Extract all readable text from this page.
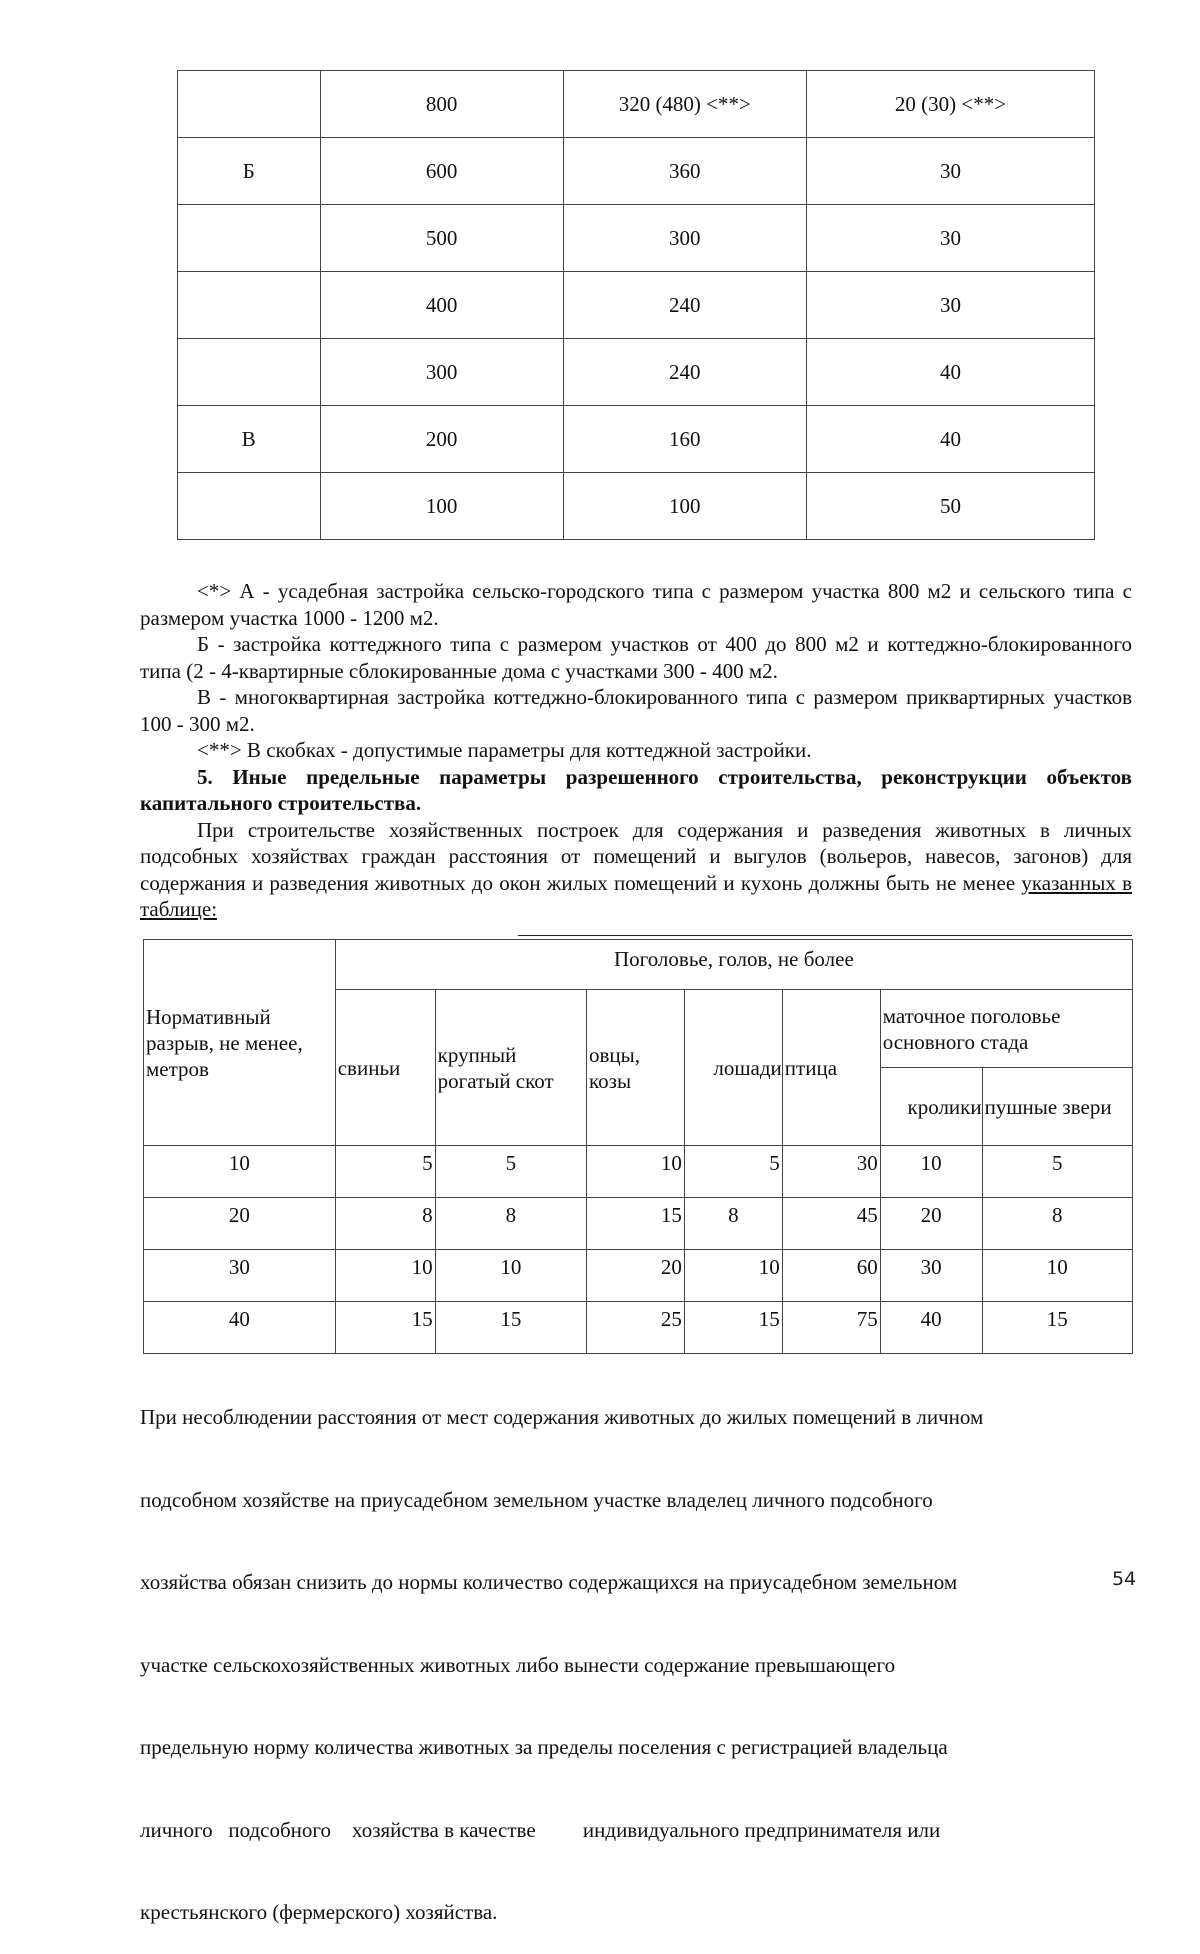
	800	320 (480) <**>	20 (30) <**>
Б	600	360	30
	500	300	30
	400	240	30
	300	240	40
В	200	160	40
	100	100	50

<*> А - усадебная застройка сельско-городского типа с размером участка 800 м2 и сельского типа с размером участка 1000 - 1200 м2.

Б - застройка коттеджного типа с размером участков от 400 до 800 м2 и коттеджно-блокированного типа (2 - 4-квартирные сблокированные дома с участками 300 - 400 м2.

В - многоквартирная застройка коттеджно-блокированного типа с размером приквартирных участков 100 - 300 м2.

<**> В скобках - допустимые параметры для коттеджной застройки.

5. Иные предельные параметры разрешенного строительства, реконструкции объектов капитального строительства.

При строительстве хозяйственных построек для содержания и разведения животных в личных подсобных хозяйствах граждан расстояния от помещений и выгулов (вольеров, навесов, загонов) для содержания и разведения животных до окон жилых помещений и кухонь должны быть не менее указанных в таблице:

Нормативный разрыв, не менее, метров	Поголовье, голов, не более						
	свиньи	крупный рогатый скот	овцы, козы	лошади	птица	маточное поголовье основного стада	
						кролики	пушные звери
10	5	5	10	5	30	10	5
20	8	8	15	8	45	20	8
30	10	10	20	10	60	30	10
40	15	15	25	15	75	40	15

При несоблюдении расстояния от мест содержания животных до жилых помещений в личном

подсобном хозяйстве на приусадебном земельном участке владелец личного подсобного

хозяйства обязан снизить до нормы количество содержащихся на приусадебном земельном

участке сельскохозяйственных животных либо вынести содержание превышающего

предельную норму количества животных за пределы поселения с регистрацией владельца

личного   подсобного    хозяйства в качестве         индивидуального предпринимателя или

крестьянского (фермерского) хозяйства.

54
